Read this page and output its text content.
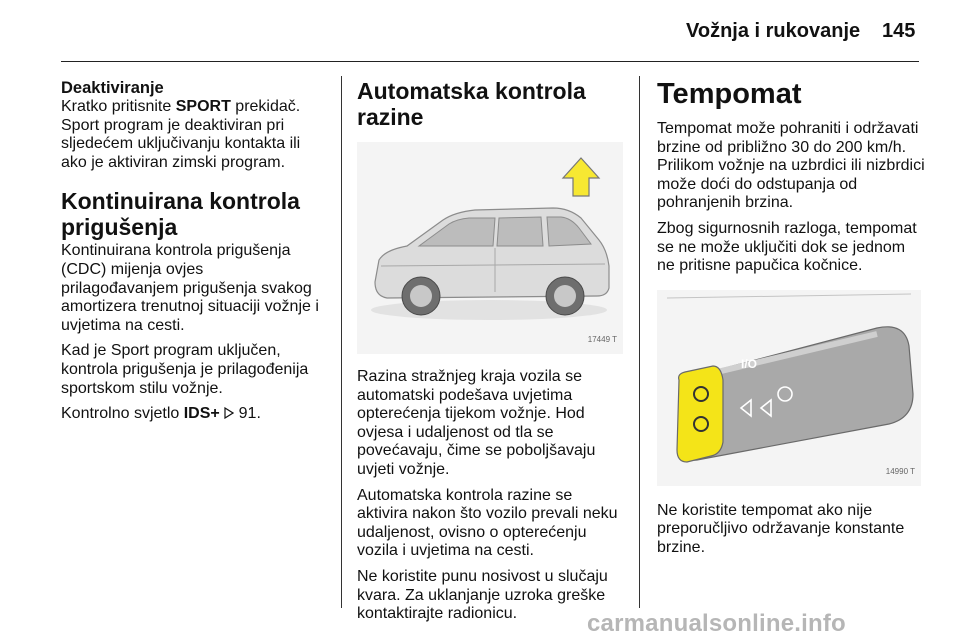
Vožnja i rukovanje 145
Deaktiviranje

Kratko pritisnite SPORT prekidač. Sport program je deaktiviran pri sljedećem uključivanju kontakta ili ako je aktiviran zimski program.

Kontinuirana kontrola prigušenja

Kontinuirana kontrola prigušenja (CDC) mijenja ovjes prilagođavanjem prigušenja svakog amortizera trenutnoj situaciji vožnje i uvjetima na cesti.

Kad je Sport program uključen, kontrola prigušenja je prilagođenija sportskom stilu vožnje.

Kontrolno svjetlo IDS+  91.

Automatska kontrola razine
17449 T

Razina stražnjeg kraja vozila se automatski podešava uvjetima opterećenja tijekom vožnje. Hod ovjesa i udaljenost od tla se povećavaju, čime se poboljšavaju uvjeti vožnje.

Automatska kontrola razine se aktivira nakon što vozilo prevali neku udaljenost, ovisno o opterećenju vozila i uvjetima na cesti.

Ne koristite punu nosivost u slučaju kvara. Za uklanjanje uzroka greške kontaktirajte radionicu.

Tempomat

Tempomat može pohraniti i održavati brzine od približno 30 do 200 km/h. Prilikom vožnje na uzbrdici ili nizbrdici može doći do odstupanja od pohranjenih brzina.

Zbog sigurnosnih razloga, tempomat se ne može uključiti dok se jednom ne pritisne papučica kočnice.

I/O
14990 T

Ne koristite tempomat ako nije preporučljivo održavanje konstante brzine.

carmanualsonline.info
